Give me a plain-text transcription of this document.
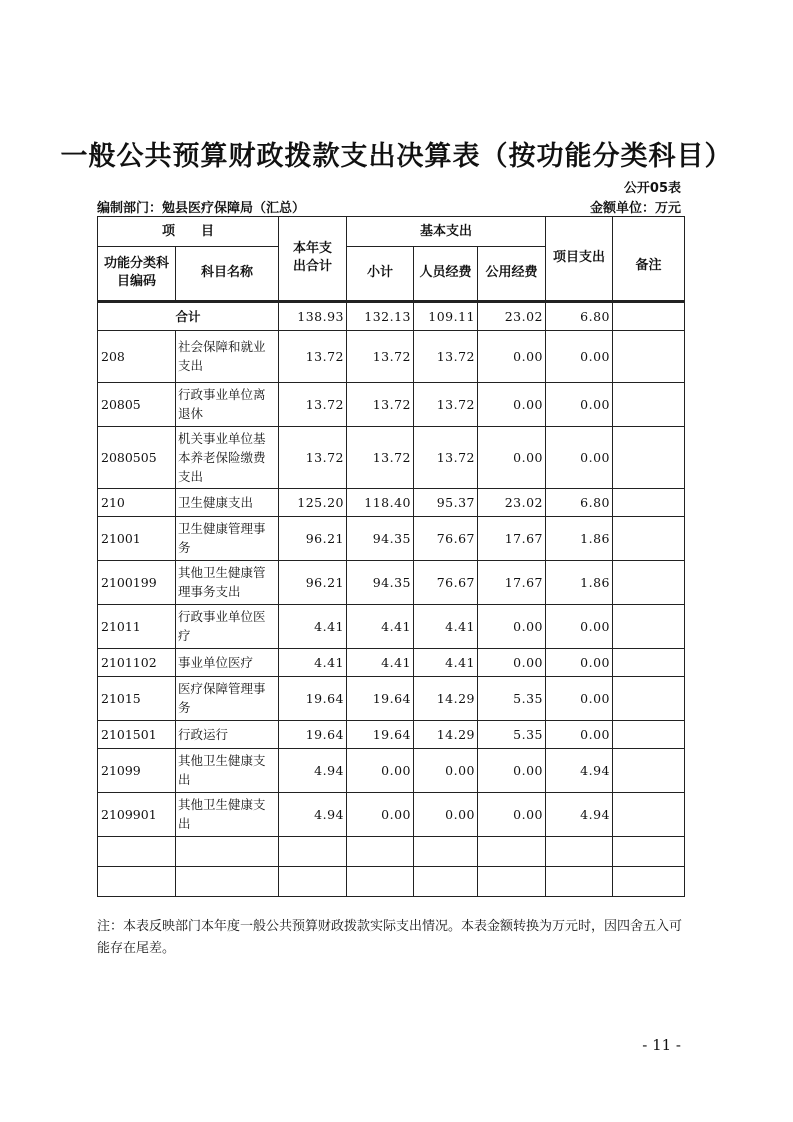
一般公共预算财政拨款支出决算表（按功能分类科目）
公开05表
编制部门：勉县医疗保障局（汇总）	金额单位：万元
项　　目		本年支出合计	基本支出			项目支出	备注
功能分类科目编码	科目名称		小计	人员经费	公用经费		

合计		138.93	132.13	109.11	23.02	6.80	
208	社会保障和就业支出	13.72	13.72	13.72	0.00	0.00	
20805	行政事业单位离退休	13.72	13.72	13.72	0.00	0.00	
2080505	机关事业单位基本养老保险缴费支出	13.72	13.72	13.72	0.00	0.00	
210	卫生健康支出	125.20	118.40	95.37	23.02	6.80	
21001	卫生健康管理事务	96.21	94.35	76.67	17.67	1.86	
2100199	其他卫生健康管理事务支出	96.21	94.35	76.67	17.67	1.86	
21011	行政事业单位医疗	4.41	4.41	4.41	0.00	0.00	
2101102	事业单位医疗	4.41	4.41	4.41	0.00	0.00	
21015	医疗保障管理事务	19.64	19.64	14.29	5.35	0.00	
2101501	行政运行	19.64	19.64	14.29	5.35	0.00	
21099	其他卫生健康支出	4.94	0.00	0.00	0.00	4.94	
2109901	其他卫生健康支出	4.94	0.00	0.00	0.00	4.94	

注：本表反映部门本年度一般公共预算财政拨款实际支出情况。本表金额转换为万元时，因四舍五入可能存在尾差。
- 11 -
